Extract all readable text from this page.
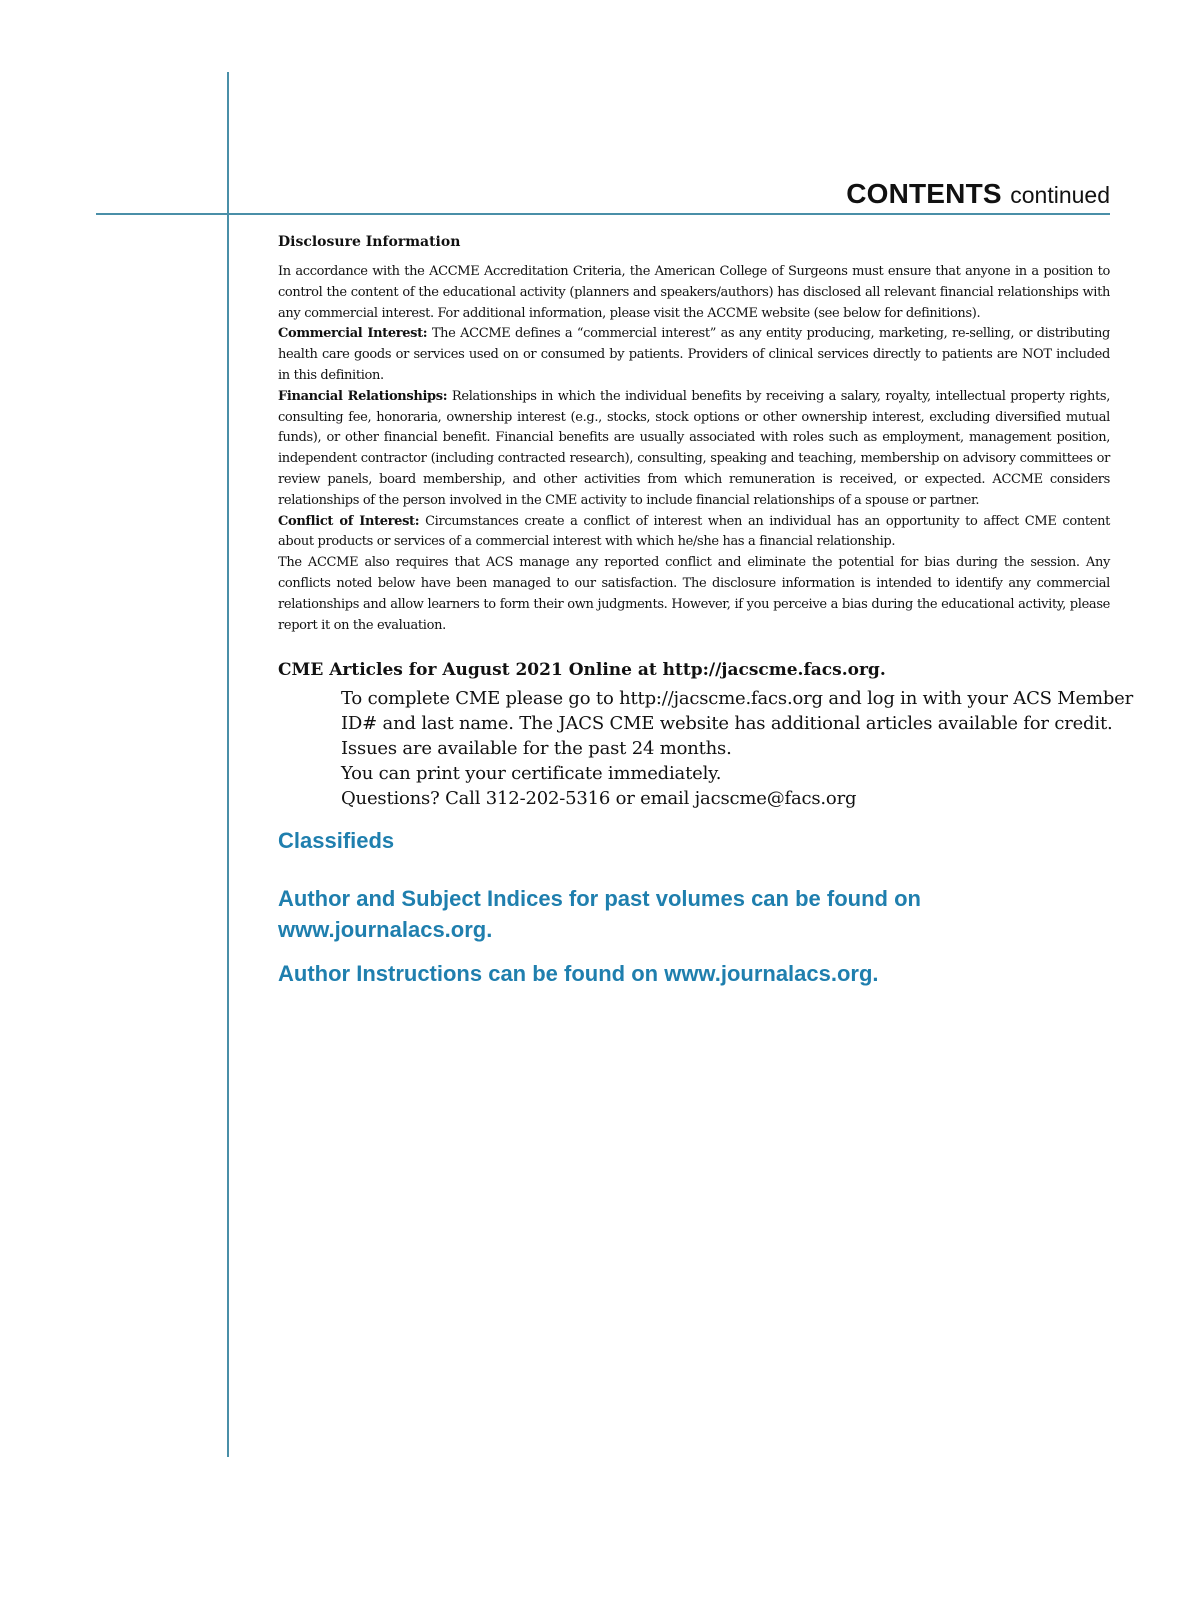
CONTENTS continued
Disclosure Information

In accordance with the ACCME Accreditation Criteria, the American College of Surgeons must ensure that anyone in a position to control the content of the educational activity (planners and speakers/authors) has disclosed all relevant financial relationships with any commercial interest. For additional information, please visit the ACCME website (see below for definitions).

Commercial Interest: The ACCME defines a “commercial interest” as any entity producing, marketing, re-selling, or distributing health care goods or services used on or consumed by patients. Providers of clinical services directly to patients are NOT included in this definition.

Financial Relationships: Relationships in which the individual benefits by receiving a salary, royalty, intellectual property rights, consulting fee, honoraria, ownership interest (e.g., stocks, stock options or other ownership interest, excluding diversified mutual funds), or other financial benefit. Financial benefits are usually associated with roles such as employment, management position, independent contractor (including contracted research), consulting, speaking and teaching, membership on advisory committees or review panels, board membership, and other activities from which remuneration is received, or expected. ACCME considers relationships of the person involved in the CME activity to include financial relationships of a spouse or partner.

Conflict of Interest: Circumstances create a conflict of interest when an individual has an opportunity to affect CME content about products or services of a commercial interest with which he/she has a financial relationship.

The ACCME also requires that ACS manage any reported conflict and eliminate the potential for bias during the session. Any conflicts noted below have been managed to our satisfaction. The disclosure information is intended to identify any commercial relationships and allow learners to form their own judgments. However, if you perceive a bias during the educational activity, please report it on the evaluation.

CME Articles for August 2021 Online at http://jacscme.facs.org.
To complete CME please go to http://jacscme.facs.org and log in with your ACS Member
ID# and last name. The JACS CME website has additional articles available for credit.
Issues are available for the past 24 months.
You can print your certificate immediately.
Questions? Call 312-202-5316 or email jacscme@facs.org
Classifieds
Author and Subject Indices for past volumes can be found on
www.journalacs.org.
Author Instructions can be found on www.journalacs.org.
